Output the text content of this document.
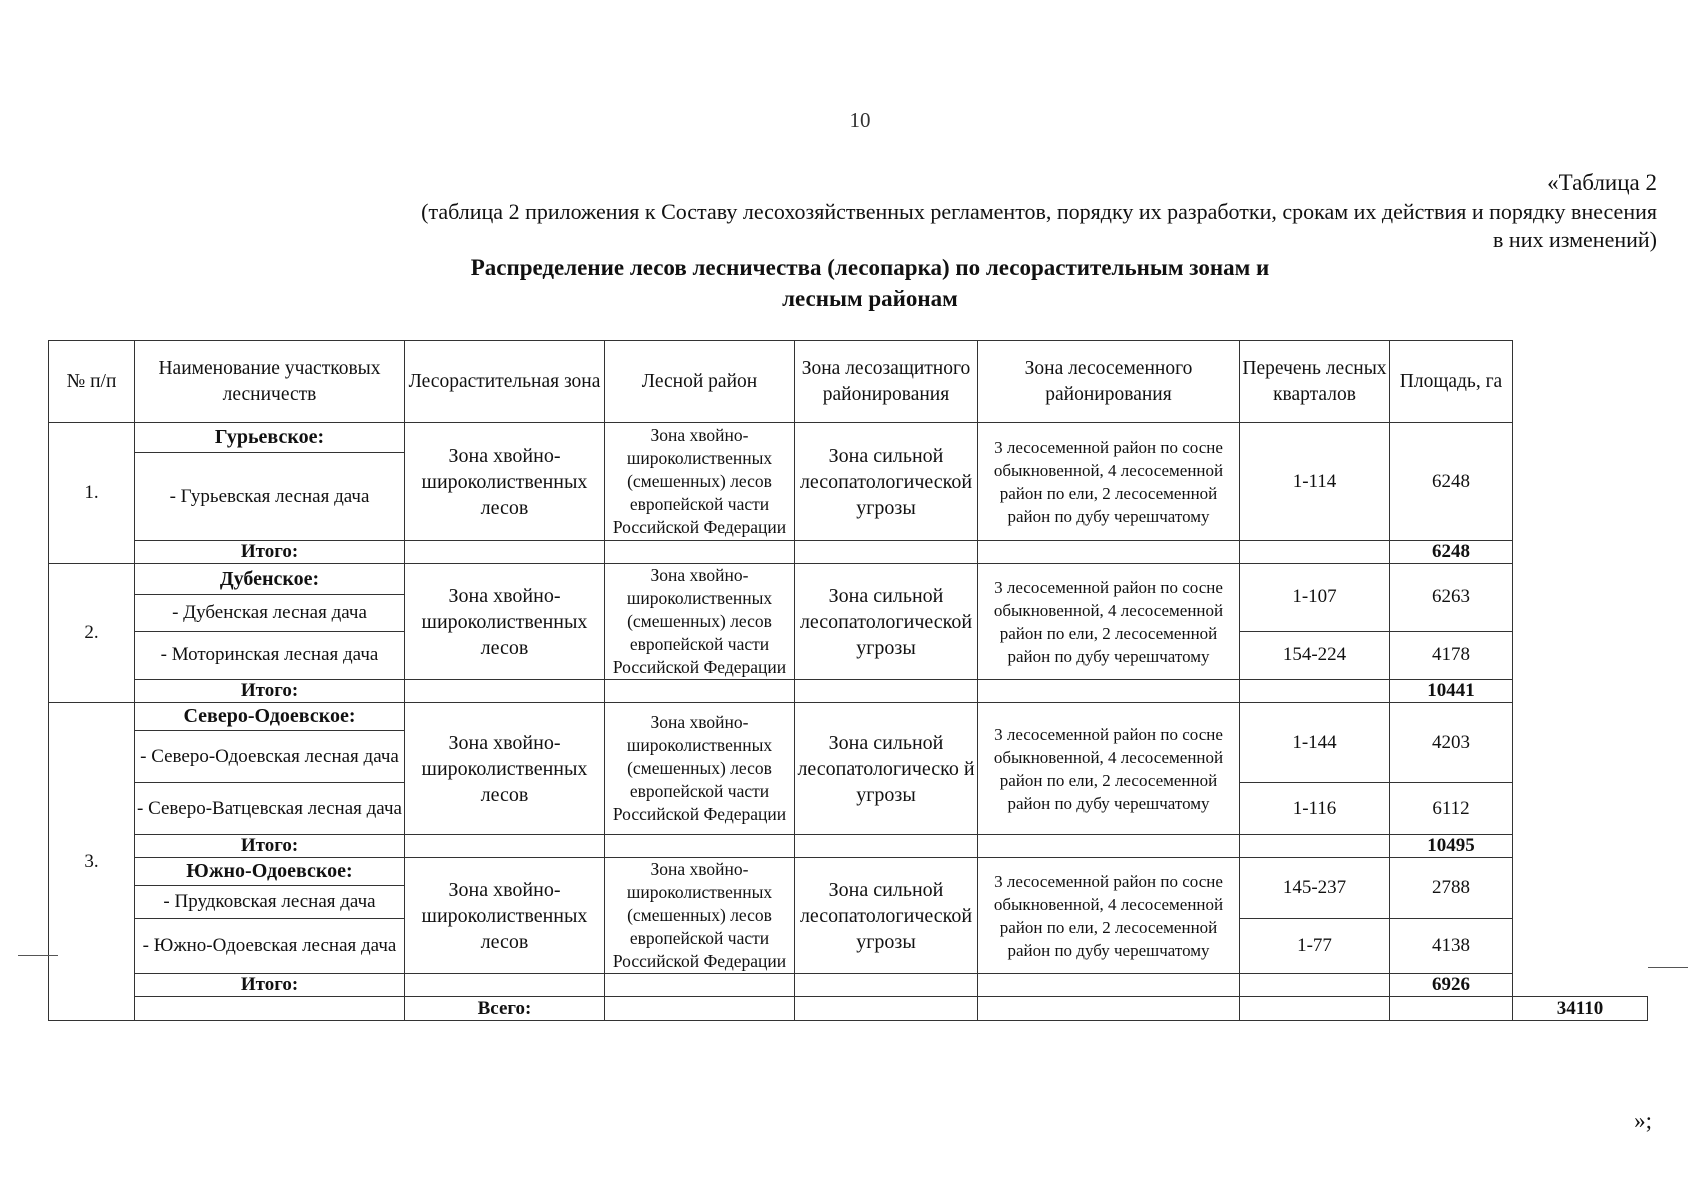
10
«Таблица 2
(таблица 2 приложения к Составу лесохозяйственных регламентов, порядку их разработки, срокам их действия и порядку внесения в них изменений)
Распределение лесов лесничества (лесопарка) по лесорастительным зонам и лесным районам
№ п/п	Наименование участковых лесничеств	Лесорастительная зона	Лесной район	Зона лесозащитного районирования	Зона лесосеменного районирования	Перечень лесных кварталов	Площадь, га	
1.	Гурьевское:	Зона хвойно-широколиственных лесов	Зона хвойно-широколиственных (смешенных) лесов европейской части Российской Федерации	Зона сильной лесопатологической угрозы	3 лесосеменной район по сосне обыкновенной, 4 лесосеменной район по ели, 2 лесосеменной район по дубу черешчатому	1-114	6248	
	- Гурьевская лесная дача							
	Итого:						6248	
2.	Дубенское:	Зона хвойно-широколиственных лесов	Зона хвойно-широколиственных (смешенных) лесов европейской части Российской Федерации	Зона сильной лесопатологической угрозы	3 лесосеменной район по сосне обыкновенной, 4 лесосеменной район по ели, 2 лесосеменной район по дубу черешчатому	1-107	6263	
	- Дубенская лесная дача							
	- Моторинская лесная дача					154-224	4178	
	Итого:						10441	
3.	Северо-Одоевское:	Зона хвойно-широколиственных лесов	Зона хвойно-широколиственных (смешенных) лесов европейской части Российской Федерации	Зона сильной лесопатологическо й угрозы	3 лесосеменной район по сосне обыкновенной, 4 лесосеменной район по ели, 2 лесосеменной район по дубу черешчатому	1-144	4203	
	- Северо-Одоевская лесная дача							
	- Северо-Ватцевская лесная дача					1-116	6112	
	Итого:						10495	
	Южно-Одоевское:	Зона хвойно-широколиственных лесов	Зона хвойно-широколиственных (смешенных) лесов европейской части Российской Федерации	Зона сильной лесопатологической угрозы	3 лесосеменной район по сосне обыкновенной, 4 лесосеменной район по ели, 2 лесосеменной район по дубу черешчатому	145-237	2788	
	- Прудковская лесная дача							
	- Южно-Одоевская лесная дача					1-77	4138	
	Итого:						6926	
		Всего:						34110
»;
